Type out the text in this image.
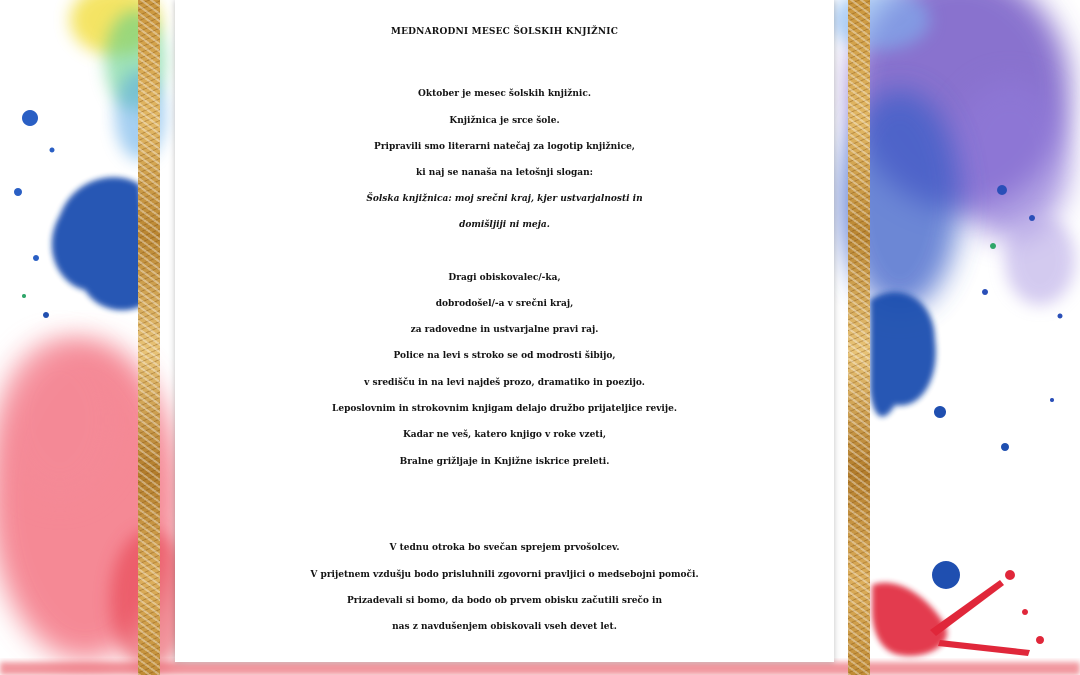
MEDNARODNI MESEC ŠOLSKIH KNJIŽNIC
Oktober je mesec šolskih knjižnic.
Knjižnica je srce šole.
Pripravili smo literarni natečaj za logotip knjižnice,
ki naj se nanaša na letošnji slogan:
Šolska knjižnica: moj srečni kraj, kjer ustvarjalnosti in
domišljiji ni meja.
Dragi obiskovalec/-ka,
dobrodošel/-a v srečni kraj,
za radovedne in ustvarjalne pravi raj.
Police na levi s stroko se od modrosti šibijo,
v središču in na levi najdeš prozo, dramatiko in poezijo.
Leposlovnim in strokovnim knjigam delajo družbo prijateljice revije.
Kadar ne veš, katero knjigo v roke vzeti,
Bralne grižljaje in Knjižne iskrice preleti.
V tednu otroka bo svečan sprejem prvošolcev.
V prijetnem vzdušju bodo prisluhnili zgovorni pravljici o medsebojni pomoči.
Prizadevali si bomo, da bodo ob prvem obisku začutili srečo in
nas z navdušenjem obiskovali vseh devet let.
